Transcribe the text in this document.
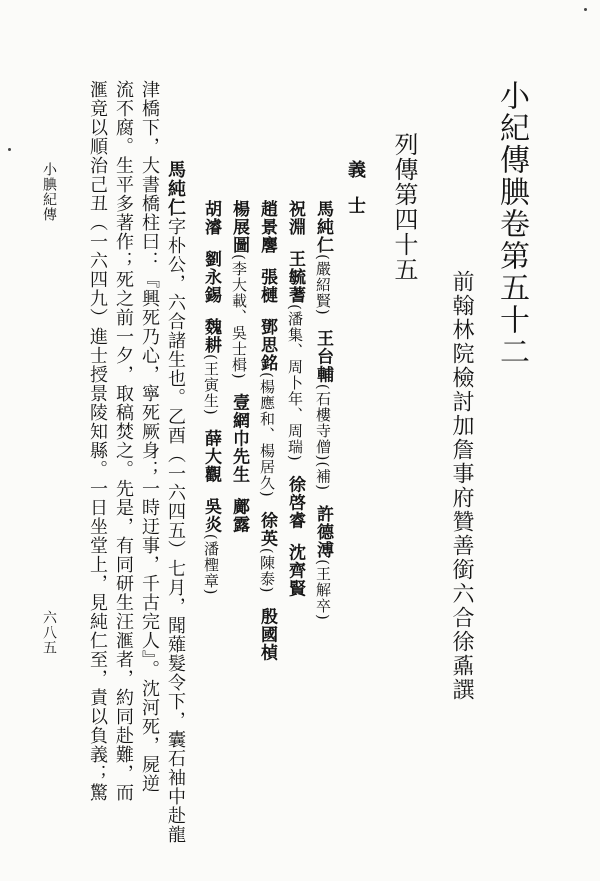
小紀傳腆卷第五十二
前翰林院檢討加詹事府贊善銜六合徐鼒譔
列傳第四十五
義　士
小腆紀傳
六八五
馬純仁(嚴紹賢)王台輔(石樓寺僧)(補)許德溥(王解卒)
祝淵王毓蓍(潘集、周卜年、周瑞)徐啓睿沈齊賢
趙景麐張槤鄧思銘(楊應和、楊居久)徐英(陳泰)殷國楨
楊展圖(李大載、吳士楫)壹網巾先生鄺露
胡濬劉永錫魏耕(王寅生)薛大觀吳炎(潘檉章)
馬純仁字朴公，六合諸生也。乙酉（一六四五）七月，聞薙髮令下，囊石袖中赴龍
津橋下，大書橋柱曰：『興死乃心，寧死厥身；一時迂事，千古完人』。沈河死，屍逆
流不腐。生平多著作；死之前一夕，取稿焚之。先是，有同研生汪滙者，約同赴難，而
滙竟以順治己丑（一六四九）進士授景陵知縣。一日坐堂上，見純仁至，責以負義；驚
